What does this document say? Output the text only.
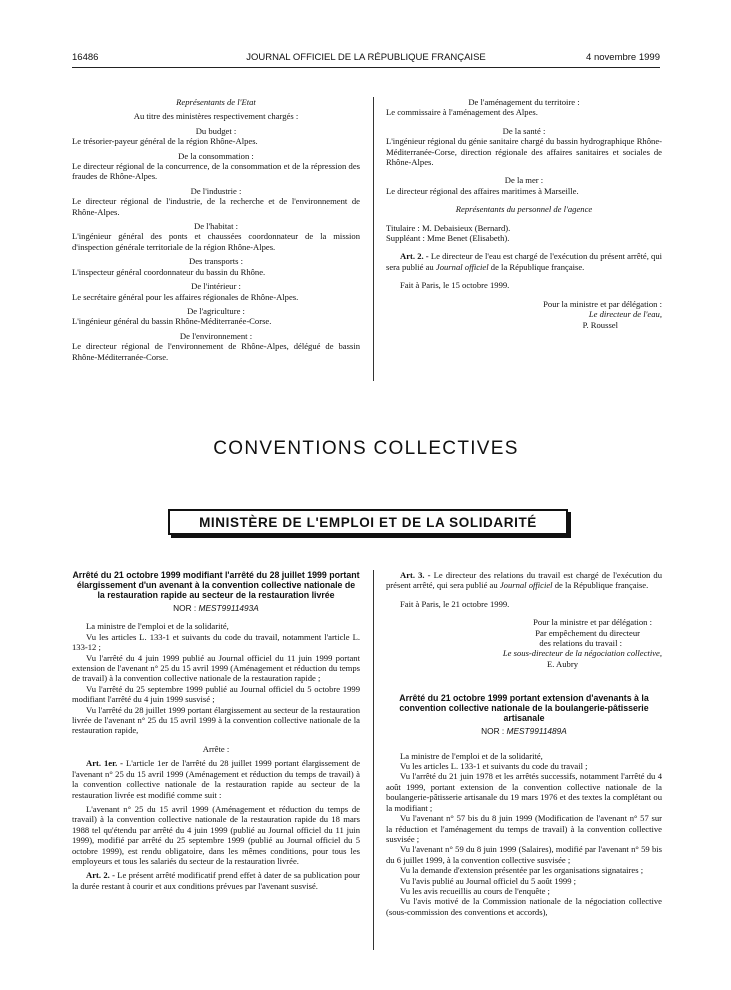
16486	JOURNAL OFFICIEL DE LA RÉPUBLIQUE FRANÇAISE	4 novembre 1999

Représentants de l'Etat

Au titre des ministères respectivement chargés :

Du budget :

Le trésorier-payeur général de la région Rhône-Alpes.

De la consommation :

Le directeur régional de la concurrence, de la consommation et de la répression des fraudes de Rhône-Alpes.

De l'industrie :

Le directeur régional de l'industrie, de la recherche et de l'environnement de Rhône-Alpes.

De l'habitat :

L'ingénieur général des ponts et chaussées coordonnateur de la mission d'inspection générale territoriale de la région Rhône-Alpes.

Des transports :

L'inspecteur général coordonnateur du bassin du Rhône.

De l'intérieur :

Le secrétaire général pour les affaires régionales de Rhône-Alpes.

De l'agriculture :

L'ingénieur général du bassin Rhône-Méditerranée-Corse.

De l'environnement :

Le directeur régional de l'environnement de Rhône-Alpes, délégué de bassin Rhône-Méditerranée-Corse.

De l'aménagement du territoire :

Le commissaire à l'aménagement des Alpes.

De la santé :

L'ingénieur régional du génie sanitaire chargé du bassin hydrographique Rhône-Méditerranée-Corse, direction régionale des affaires sanitaires et sociales de Rhône-Alpes.

De la mer :

Le directeur régional des affaires maritimes à Marseille.

Représentants du personnel de l'agence

Titulaire : M. Debaisieux (Bernard).

Suppléant : Mme Benet (Elisabeth).

Art. 2. - Le directeur de l'eau est chargé de l'exécution du présent arrêté, qui sera publié au Journal officiel de la République française.

Fait à Paris, le 15 octobre 1999.

Pour la ministre et par délégation :
Le directeur de l'eau,
P. Roussel
CONVENTIONS COLLECTIVES
MINISTÈRE DE L'EMPLOI ET DE LA SOLIDARITÉ

Arrêté du 21 octobre 1999 modifiant l'arrêté du 28 juillet 1999 portant élargissement d'un avenant à la convention collective nationale de la restauration rapide au secteur de la restauration livrée

NOR : MEST9911493A

La ministre de l'emploi et de la solidarité,

Vu les articles L. 133-1 et suivants du code du travail, notamment l'article L. 133-12 ;

Vu l'arrêté du 4 juin 1999 publié au Journal officiel du 11 juin 1999 portant extension de l'avenant n° 25 du 15 avril 1999 (Aménagement et réduction du temps de travail) à la convention collective nationale de la restauration rapide ;

Vu l'arrêté du 25 septembre 1999 publié au Journal officiel du 5 octobre 1999 modifiant l'arrêté du 4 juin 1999 susvisé ;

Vu l'arrêté du 28 juillet 1999 portant élargissement au secteur de la restauration livrée de l'avenant n° 25 du 15 avril 1999 à la convention collective nationale de la restauration rapide,

Arrête :

Art. 1er. - L'article 1er de l'arrêté du 28 juillet 1999 portant élargissement de l'avenant n° 25 du 15 avril 1999 (Aménagement et réduction du temps de travail) à la convention collective nationale de la restauration rapide au secteur de la restauration livrée est modifié comme suit :

L'avenant n° 25 du 15 avril 1999 (Aménagement et réduction du temps de travail) à la convention collective nationale de la restauration rapide du 18 mars 1988 tel qu'étendu par arrêté du 4 juin 1999 (publié au Journal officiel du 11 juin 1999), modifié par arrêté du 25 septembre 1999 (publié au Journal officiel du 5 octobre 1999), est rendu obligatoire, dans les mêmes conditions, pour tous les employeurs et tous les salariés du secteur de la restauration livrée.

Art. 2. - Le présent arrêté modificatif prend effet à dater de sa publication pour la durée restant à courir et aux conditions prévues par l'avenant susvisé.

Art. 3. - Le directeur des relations du travail est chargé de l'exécution du présent arrêté, qui sera publié au Journal officiel de la République française.

Fait à Paris, le 21 octobre 1999.

Pour la ministre et par délégation :
Par empêchement du directeur
des relations du travail :
Le sous-directeur de la négociation collective,
E. Aubry

Arrêté du 21 octobre 1999 portant extension d'avenants à la convention collective nationale de la boulangerie-pâtisserie artisanale

NOR : MEST9911489A

La ministre de l'emploi et de la solidarité,

Vu les articles L. 133-1 et suivants du code du travail ;

Vu l'arrêté du 21 juin 1978 et les arrêtés successifs, notamment l'arrêté du 4 août 1999, portant extension de la convention collective nationale de la boulangerie-pâtisserie artisanale du 19 mars 1976 et des textes la complétant ou la modifiant ;

Vu l'avenant n° 57 bis du 8 juin 1999 (Modification de l'avenant n° 57 sur la réduction et l'aménagement du temps de travail) à la convention collective susvisée ;

Vu l'avenant n° 59 du 8 juin 1999 (Salaires), modifié par l'avenant n° 59 bis du 6 juillet 1999, à la convention collective susvisée ;

Vu la demande d'extension présentée par les organisations signataires ;

Vu l'avis publié au Journal officiel du 5 août 1999 ;

Vu les avis recueillis au cours de l'enquête ;

Vu l'avis motivé de la Commission nationale de la négociation collective (sous-commission des conventions et accords),
